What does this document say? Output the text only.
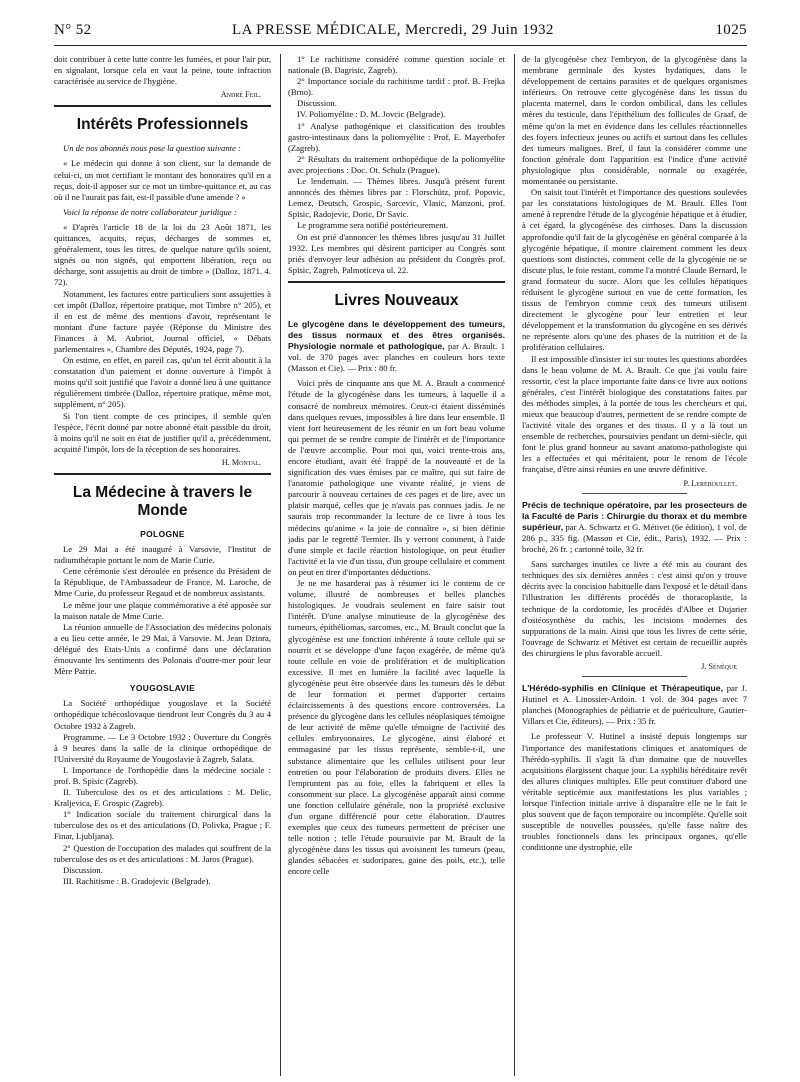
N° 52	LA PRESSE MÉDICALE, Mercredi, 29 Juin 1932	1025

doit contribuer à cette lutte contre les fumées, et pour l'air pur, en signalant, lorsque cela en vaut la peine, toute infraction caractérisée au service de l'hygiène.

André Feil.

Intérêts Professionnels

Un de nos abonnés nous pose la question suivante :

« Le médecin qui donne à son client, sur la demande de celui-ci, un mot certifiant le montant des honoraires qu'il en a reçus, doit-il apposer sur ce mot un timbre-quittance et, au cas où il ne l'aurait pas fait, est-il passible d'une amende ? »

Voici la réponse de notre collaborateur juridique :

« D'après l'article 18 de la loi du 23 Août 1871, les quittances, acquits, reçus, décharges de sommes et, généralement, tous les titres, de quelque nature qu'ils soient, signés ou non signés, qui emportent libération, reçu ou décharge, sont assujettis au droit de timbre » (Dalloz, 1871. 4. 72).

Notamment, les factures entre particuliers sont assujetties à cet impôt (Dalloz, répertoire pratique, mot Timbre n° 205), et il en est de même des mentions d'avoir, représentant le montant d'une facture payée (Réponse du Ministre des Finances à M. Aubriot, Journal officiel, « Débats parlementaires », Chambre des Députés, 1924, page 7).

On estime, en effet, en pareil cas, qu'un tel écrit aboutit à la constatation d'un paiement et donne ouverture à l'impôt à moins qu'il soit justifié que l'avoir a donné lieu à une quittance régulièrement timbrée (Dalloz, répertoire pratique, même mot, supplément, n° 205).

Si l'on tient compte de ces principes, il semble qu'en l'espèce, l'écrit donné par notre abonné était passible du droit, à moins qu'il ne soit en état de justifier qu'il a, précédemment, acquitté l'impôt, lors de la réception de ses honoraires.

H. Montal.

La Médecine à travers le Monde
POLOGNE

Le 29 Mai a été inauguré à Varsovie, l'Institut de radiumthérapie portant le nom de Marie Curie.

Cette cérémonie s'est déroulée en présence du Président de la République, de l'Ambassadeur de France, M. Laroche, de Mme Curie, du professeur Regaud et de nombreux assistants.

Le même jour une plaque commémorative a été apposée sur la maison natale de Mme Curie.

La réunion annuelle de l'Association des médecins polonais a eu lieu cette année, le 29 Mai, à Varsovie. M. Jean Dzinra, délégué des Etats-Unis a confirmé dans une déclaration émouvante les sentiments des Polonais d'outre-mer pour leur Mère Patrie.

YOUGOSLAVIE

La Société orthopédique yougoslave et la Société orthopédique tchécoslovaque tiendront leur Congrès du 3 au 4 Octobre 1932 à Zagreb.

Programme. — Le 3 Octobre 1932 : Ouverture du Congrès à 9 heures dans la salle de la clinique orthopédique de l'Université du Royaume de Yougoslavie à Zagreb, Salata.

I. Importance de l'orthopédie dans la médecine sociale : prof. B. Spisic (Zagreb).

II. Tuberculose des os et des articulations : M. Delic, Kraljevica, F. Grospic (Zagreb).

1° Indication sociale du traitement chirurgical dans la tuberculose des os et des articulations (D. Polivka, Prague ; F. Finar, Ljubljana).

2° Question de l'occupation des malades qui souffrent de la tuberculose des os et des articulations : M. Jaros (Prague).

Discussion.

III. Rachitisme : B. Gradojevic (Belgrade).

1° Le rachitisme considéré comme question sociale et nationale (B. Dagrisic, Zagreb).

2° Importance sociale du rachitisme tardif : prof. B. Frejka (Brno).

Discussion.

IV. Poliomyélite : D. M. Jovcic (Belgrade).

1° Analyse pathogénique et classification des troubles gastro-intestinaux dans la poliomyélite : Prof. E. Mayerhofer (Zagreb).

2° Résultats du traitement orthopédique de la poliomyélite avec projections : Doc. Ot. Schulz (Prague).

Le lendemain. — Thèmes libres. Jusqu'à présent furent annoncés des thèmes libres par : Florschütz, prof. Popovic, Lemez, Deutsch, Grospic, Sarcevic, Vlasic, Manzoni, prof. Spisic, Radojevic, Doric, Dr Savic.

Le programme sera notifié postérieurement.

On est prié d'annoncer les thèmes libres jusqu'au 31 Juillet 1932. Les membres qui désirent participer au Congrès sont priés d'envoyer leur adhésion au président du Congrès prof. Spisic, Zagreb, Palmoticeva ul. 22.

Livres Nouveaux

Le glycogène dans le développement des tumeurs, des tissus normaux et des êtres organisés. Physiologie normale et pathologique, par A. Brault. 1 vol. de 370 pages avec planches en couleurs hors texte (Masson et Cie). — Prix : 80 fr.

Voici près de cinquante ans que M. A. Brault a commencé l'étude de la glycogénèse dans les tumeurs, à laquelle il a consacré de nombreux mémoires. Ceux-ci étaient disséminés dans quelques revues, impossibles à lire dans leur ensemble. Il vient fort heureusement de les réunir en un fort beau volume qui permet de se rendre compte de l'intérêt et de l'importance de l'œuvre accomplie. Pour moi qui, voici trente-trois ans, encore étudiant, avait été frappé de la nouveauté et de la signification des vues émises par ce maître, qui sut faire de l'anatomie pathologique une vivante réalité, je viens de parcourir à nouveau certaines de ces pages et de lire, avec un plaisir marqué, celles que je n'avais pas connues jadis. Je ne saurais trop recommander la lecture de ce livre à tous les médecins qu'anime « la joie de connaître », si bien définie jadis par le regretté Termier. Ils y verront comment, à l'aide d'une simple et facile réaction histologique, on peut étudier l'activité et la vie d'un tissu, d'un groupe cellulaire et comment on peut en tirer d'importantes déductions.

Je ne me hasarderai pas à résumer ici le contenu de ce volume, illustré de nombreuses et belles planches histologiques. Je voudrais seulement en faire saisir tout l'intérêt. D'une analyse minutieuse de la glycogénèse des tumeurs, épithéliomas, sarcomes, etc., M. Brault conclut que la glycogénèse est une fonction inhérente à toute cellule qui se nourrit et se développe d'une façon exagérée, de même qu'à toute cellule en voie de prolifération et de multiplication excessive. Il met en lumière la facilité avec laquelle la glycogénèse peut être observée dans les tumeurs dès le début de leur formation et permet d'apporter certains éclaircissements à des questions encore controversées. La présence du glycogène dans les cellules néoplasiques témoigne de leur activité de même qu'elle témoigne de l'activité des cellules embryonnaires. Le glycogène, ainsi élaboré et emmagasiné par les tissus représente, semble-t-il, une substance alimentaire que les cellules utilisent pour leur entretien ou pour l'élaboration de produits divers. Elles ne l'empruntent pas au foie, elles la fabriquent et elles la consomment sur place. La glycogénèse apparaît ainsi comme une fonction cellulaire générale, non la propriété exclusive d'un organe différencié pour cette élaboration. D'autres exemples que ceux des tumeurs permettent de préciser une telle notion ; telle l'étude poursuivie par M. Brault de la glycogénèse dans les tissus qui avoisinent les tumeurs (peau, glandes sébacées et sudoripares, gaine des poils, etc.), telle encore celle

de la glycogénèse chez l'embryon, de la glycogénèse dans la membrane germinale des kystes hydatiques, dans le développement de certains parasites et de quelques organismes inférieurs. On retrouve cette glycogénèse dans les tissus du placenta maternel, dans le cordon ombilical, dans les cellules mères du testicule, dans l'épithélium des follicules de Graaf, de même qu'on la met en évidence dans les cellules réactionnelles des foyers infectieux jeunes ou actifs et surtout dans les cellules des tumeurs malignes. Bref, il faut la considérer comme une fonction générale dont l'apparition est l'indice d'une activité physiologique plus considérable, normale ou exagérée, momentanée ou persistante.

On saisit tout l'intérêt et l'importance des questions soulevées par les constatations histologiques de M. Brault. Elles l'ont amené à reprendre l'étude de la glycogénie hépatique et à étudier, à cet égard, la glycogénèse des cirrhoses. Dans la discussion approfondie qu'il fait de la glycogénèse en général comparée à la glycogénie hépatique, il montre clairement comment les deux questions sont distinctes, comment celle de la glycogénie ne se discute plus, le foie restant, comme l'a montré Claude Bernard, le grand formateur du sucre. Alors que les cellules hépatiques réduisent le glycogène surtout en vue de cette formation, les tissus de l'embryon comme ceux des tumeurs utilisent directement le glycogène pour leur entretien et leur développement et la transformation du glycogène en ses dérivés ne représente alors qu'une des phases de la nutrition et de la prolifération cellulaires.

Il est impossible d'insister ici sur toutes les questions abordées dans le beau volume de M. A. Brault. Ce que j'ai voulu faire ressortir, c'est la place importante faite dans ce livre aux notions générales, c'est l'intérêt biologique des constatations faites par des méthodes simples, à la portée de tous les chercheurs et qui, mieux que beaucoup d'autres, permettent de se rendre compte de l'activité vitale des organes et des tissus. Il y a là tout un ensemble de recherches, poursuivies pendant un demi-siècle, qui font le plus grand honneur au savant anatomo-pathologiste qui les a effectuées et qui méritaient, pour le renom de l'école française, d'être ainsi réunies en une œuvre définitive.

P. Lereboullet.

Précis de technique opératoire, par les prosecteurs de la Faculté de Paris : Chirurgie du thorax et du membre supérieur, par A. Schwartz et G. Métivet (6e édition), 1 vol. de 286 p., 335 fig. (Masson et Cie, édit., Paris), 1932. — Prix : broché, 26 fr. ; cartonné toile, 32 fr.

Sans surcharges inutiles ce livre a été mis au courant des techniques des six dernières années : c'est ainsi qu'on y trouve décrits avec la concision habituelle dans l'exposé et le détail dans l'illustration les différents procédés de thoracoplastie, la technique de la cordotomie, les procédés d'Albee et Dujarier d'ostéosynthèse du rachis, les incisions modernes des suppurations de la main. Ainsi que tous les livres de cette série, l'ouvrage de Schwartz et Métivet est certain de recueillir auprès des chirurgiens le plus favorable accueil.

J. Sénèque

L'Hérédo-syphilis en Clinique et Thérapeutique, par J. Hutinel et A. Linossier-Ardoin. 1 vol. de 304 pages avec 7 planches (Monographies de pédiatrie et de puériculture, Gautier-Villars et Cie, éditeurs). — Prix : 35 fr.

Le professeur V. Hutinel a insisté depuis longtemps sur l'importance des manifestations cliniques et anatomiques de l'hérédo-syphilis. Il s'agit là d'un domaine que de nouvelles acquisitions élargissent chaque jour. La syphilis héréditaire revêt des allures cliniques multiples. Elle peut constituer d'abord une véritable septicémie aux manifestations les plus variables ; lorsque l'infection initiale arrive à disparaître elle ne le fait le plus souvent que de façon temporaire ou incomplète. Qu'elle soit susceptible de nouvelles poussées, qu'elle fasse naître des troubles fonctionnels dans les principaux organes, qu'elle conditionne une dystrophie, elle
